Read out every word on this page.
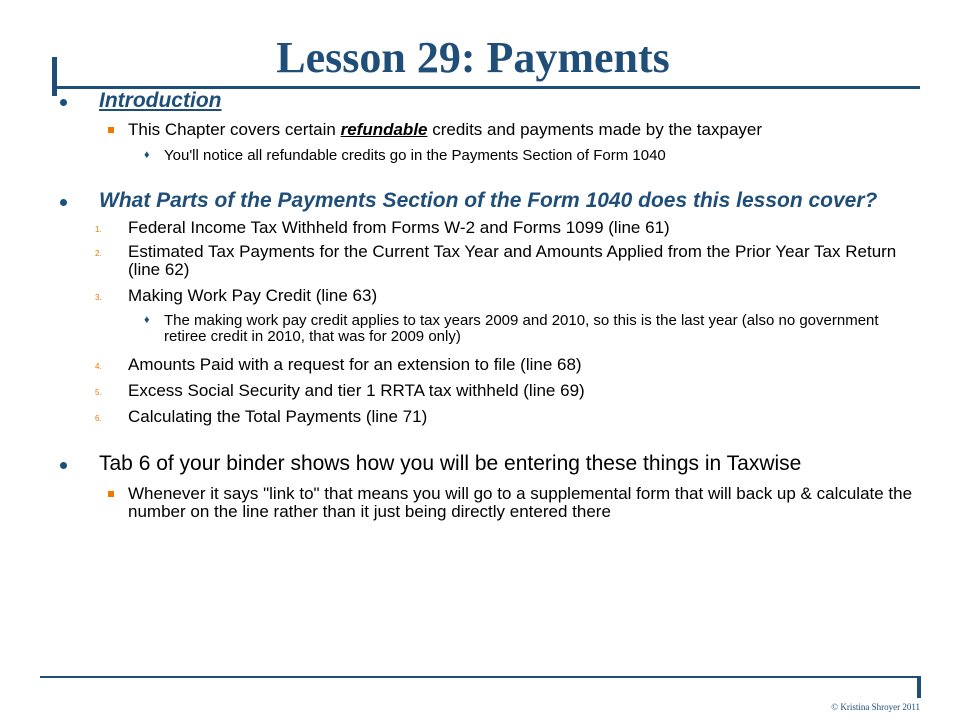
Lesson 29: Payments
Introduction
This Chapter covers certain refundable credits and payments made by the taxpayer
♦ You'll notice all refundable credits go in the Payments Section of Form 1040
What Parts of the Payments Section of the Form 1040 does this lesson cover?
1. Federal Income Tax Withheld from Forms W-2 and Forms 1099 (line 61)
2. Estimated Tax Payments for the Current Tax Year and Amounts Applied from the Prior Year Tax Return (line 62)
3. Making Work Pay Credit (line 63)
♦ The making work pay credit applies to tax years 2009 and 2010, so this is the last year (also no government retiree credit in 2010, that was for 2009 only)
4. Amounts Paid with a request for an extension to file (line 68)
5. Excess Social Security and tier 1 RRTA tax withheld (line 69)
6. Calculating the Total Payments (line 71)
Tab 6 of your binder shows how you will be entering these things in Taxwise
Whenever it says "link to" that means you will go to a supplemental form that will back up & calculate the number on the line rather than it just being directly entered there
© Kristina Shroyer 2011
